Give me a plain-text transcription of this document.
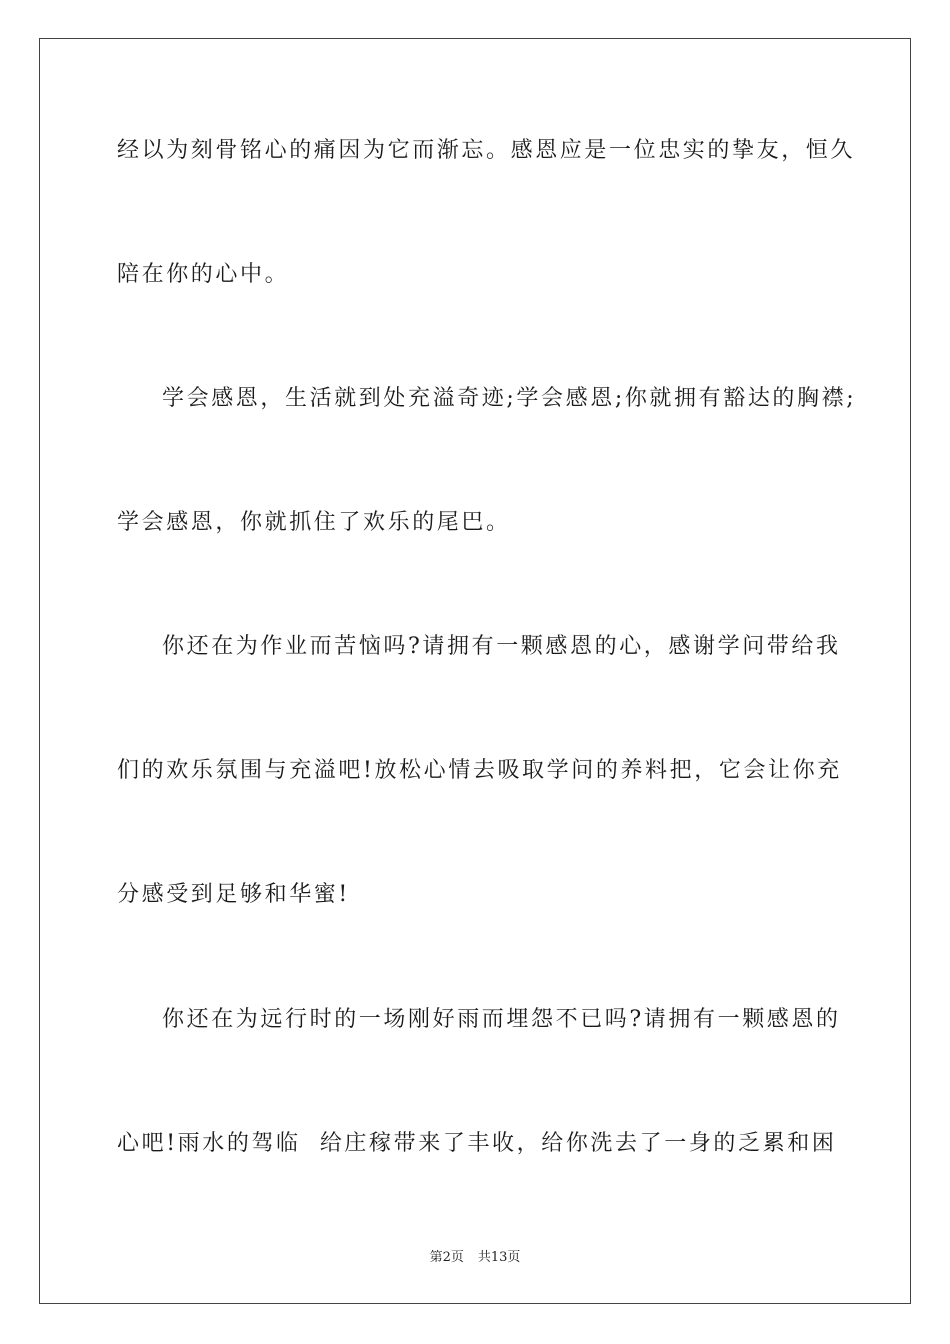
经以为刻骨铭心的痛因为它而渐忘。感恩应是一位忠实的挚友，恒久

陪在你的心中。

学会感恩，生活就到处充溢奇迹;学会感恩;你就拥有豁达的胸襟;

学会感恩，你就抓住了欢乐的尾巴。

你还在为作业而苦恼吗?请拥有一颗感恩的心，感谢学问带给我

们的欢乐氛围与充溢吧!放松心情去吸取学问的养料把，它会让你充

分感受到足够和华蜜!

你还在为远行时的一场刚好雨而埋怨不已吗?请拥有一颗感恩的

心吧!雨水的驾临  给庄稼带来了丰收，给你洗去了一身的乏累和困

第2页 共13页
